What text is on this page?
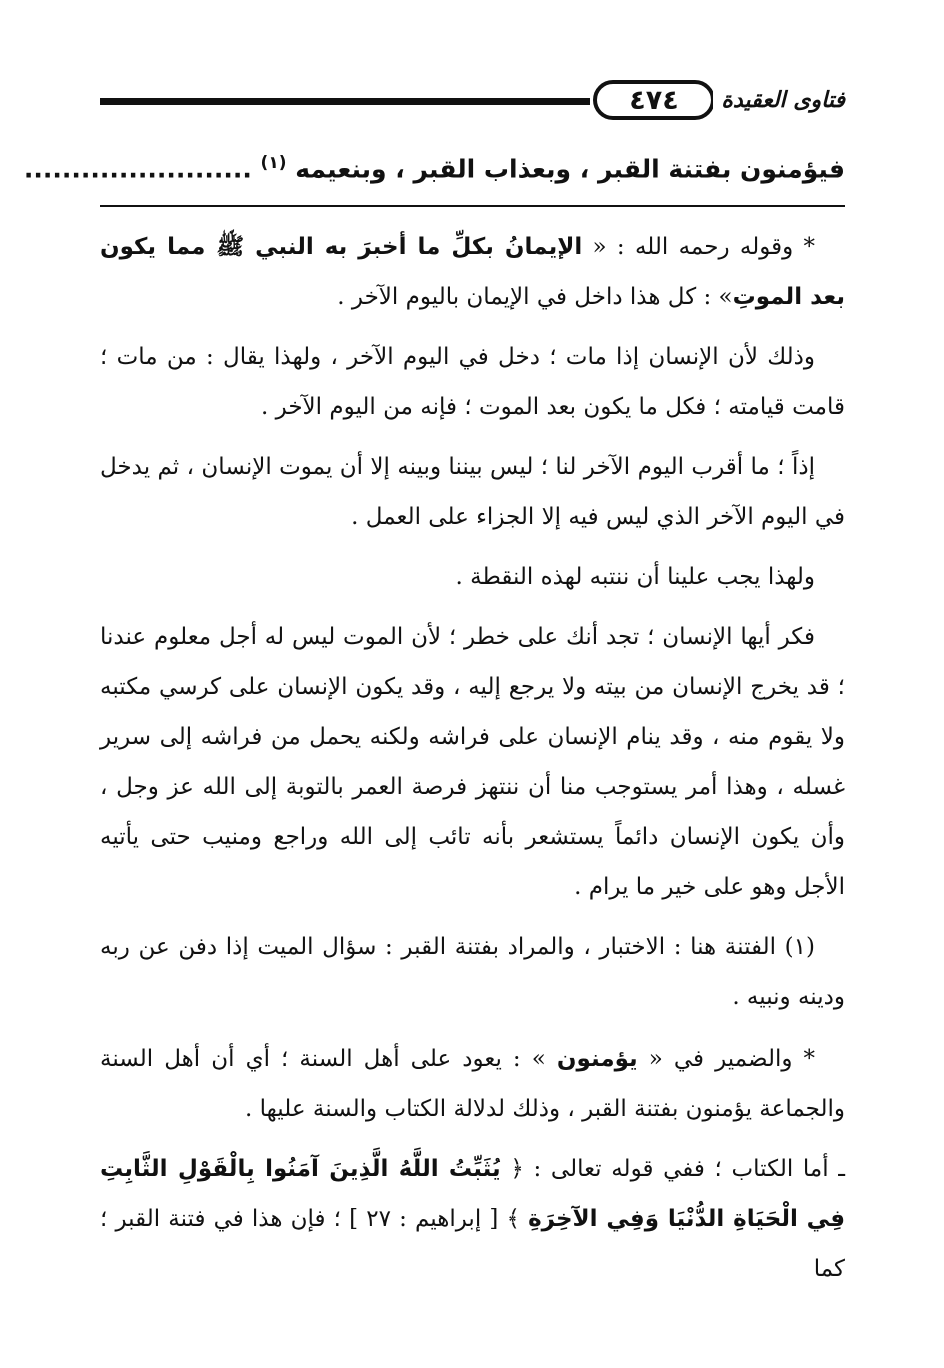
٤٧٤	فتاوى العقيدة
فيؤمنون بفتنة القبر ، وبعذاب القبر ، وبنعيمه $^{(١)}$ ........................

* وقوله رحمه الله : « الإيمانُ بكلِّ ما أخبرَ به النبي ﷺ مما يكون بعد الموتِ» : كل هذا داخل في الإيمان باليوم الآخر .

وذلك لأن الإنسان إذا مات ؛ دخل في اليوم الآخر ، ولهذا يقال : من مات ؛ قامت قيامته ؛ فكل ما يكون بعد الموت ؛ فإنه من اليوم الآخر .

إذاً ؛ ما أقرب اليوم الآخر لنا ؛ ليس بيننا وبينه إلا أن يموت الإنسان ، ثم يدخل في اليوم الآخر الذي ليس فيه إلا الجزاء على العمل .

ولهذا يجب علينا أن ننتبه لهذه النقطة .

فكر أيها الإنسان ؛ تجد أنك على خطر ؛ لأن الموت ليس له أجل معلوم عندنا ؛ قد يخرج الإنسان من بيته ولا يرجع إليه ، وقد يكون الإنسان على كرسي مكتبه ولا يقوم منه ، وقد ينام الإنسان على فراشه ولكنه يحمل من فراشه إلى سرير غسله ، وهذا أمر يستوجب منا أن ننتهز فرصة العمر بالتوبة إلى الله عز وجل ، وأن يكون الإنسان دائماً يستشعر بأنه تائب إلى الله وراجع ومنيب حتى يأتيه الأجل وهو على خير ما يرام .

(١) الفتنة هنا : الاختبار ، والمراد بفتنة القبر : سؤال الميت إذا دفن عن ربه ودينه ونبيه .

* والضمير في « يؤمنون » : يعود على أهل السنة ؛ أي أن أهل السنة والجماعة يؤمنون بفتنة القبر ، وذلك لدلالة الكتاب والسنة عليها .

ـ أما الكتاب ؛ ففي قوله تعالى : ﴿ يُثَبِّتُ اللَّهُ الَّذِينَ آمَنُوا بِالْقَوْلِ الثَّابِتِ فِي الْحَيَاةِ الدُّنْيَا وَفِي الآخِرَةِ ﴾ [ إبراهيم : ٢٧ ] ؛ فإن هذا في فتنة القبر ؛ كما
